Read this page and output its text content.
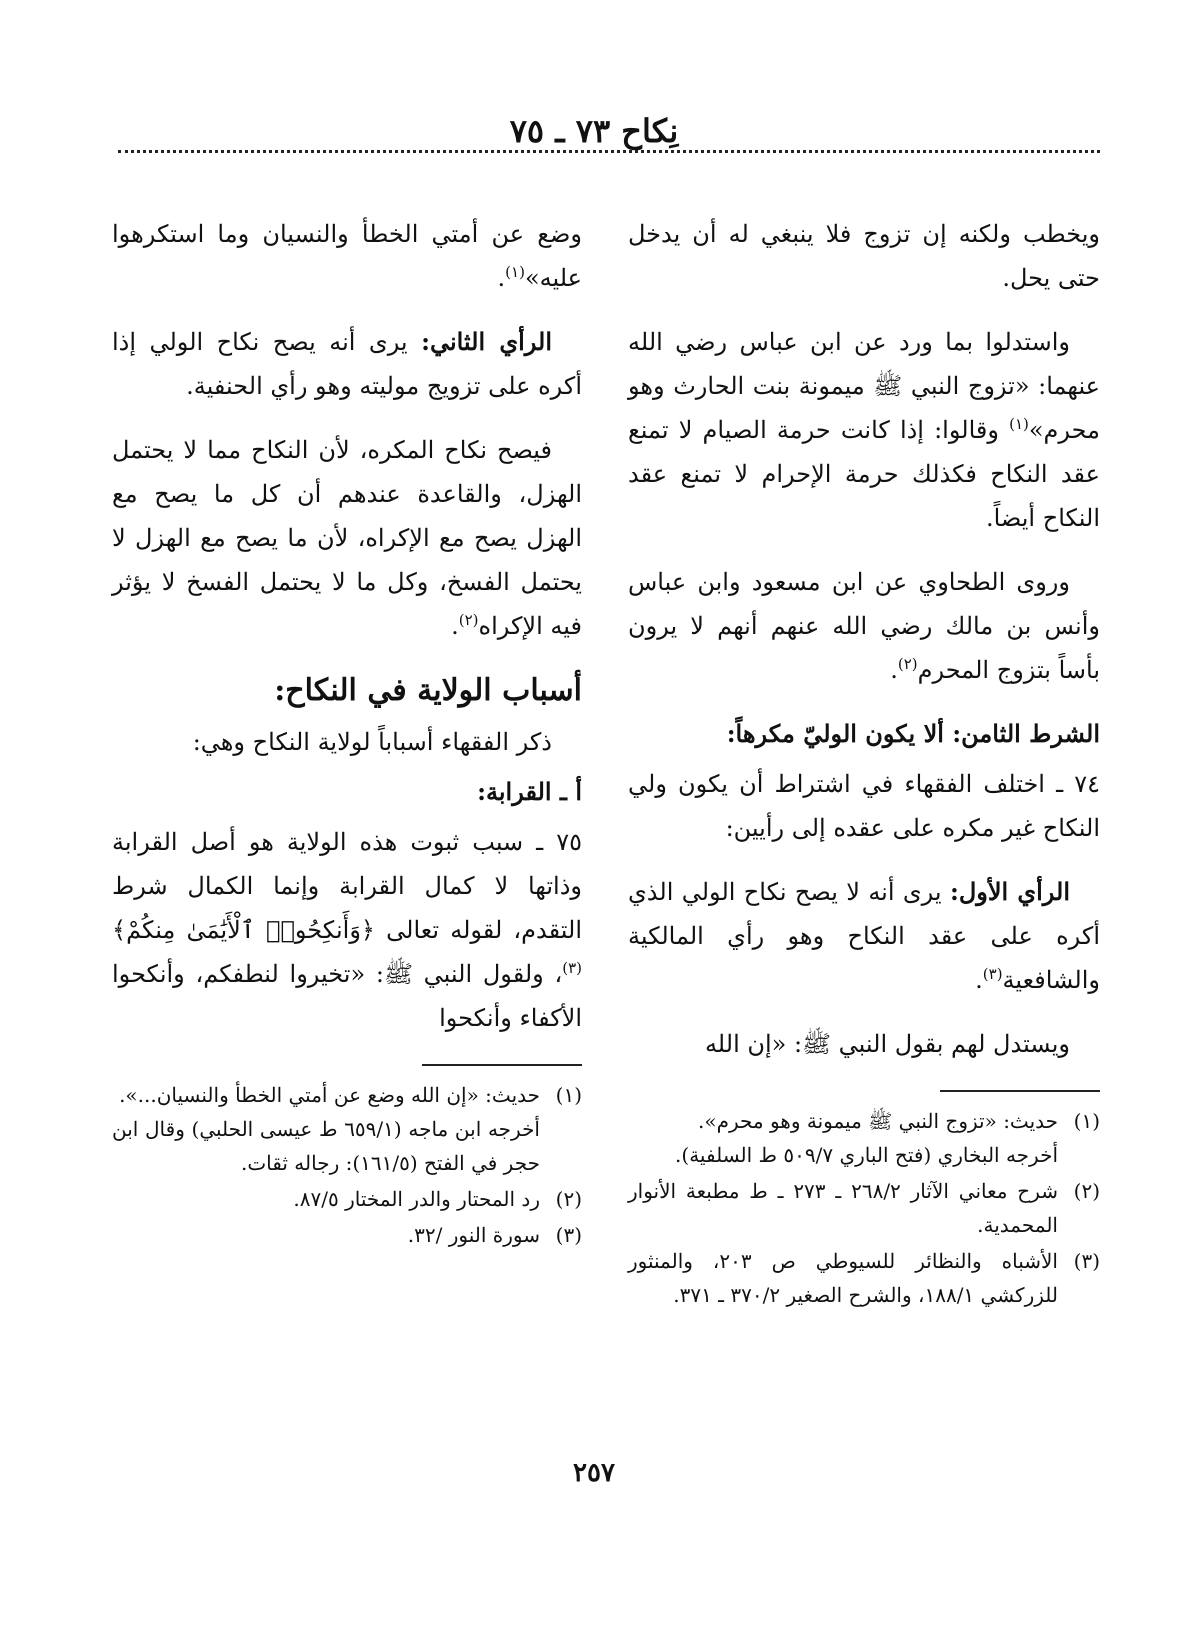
نِكاح ٧٣ ـ ٧٥

ويخطب ولكنه إن تزوج فلا ينبغي له أن يدخل حتى يحل.

واستدلوا بما ورد عن ابن عباس رضي الله عنهما: «تزوج النبي ﷺ ميمونة بنت الحارث وهو محرم»$^{(١)}$ وقالوا: إذا كانت حرمة الصيام لا تمنع عقد النكاح فكذلك حرمة الإحرام لا تمنع عقد النكاح أيضاً.

وروى الطحاوي عن ابن مسعود وابن عباس وأنس بن مالك رضي الله عنهم أنهم لا يرون بأساً بتزوج المحرم$^{(٢)}$.

الشرط الثامن: ألا يكون الوليّ مكرهاً:

٧٤ ـ اختلف الفقهاء في اشتراط أن يكون ولي النكاح غير مكره على عقده إلى رأيين:

الرأي الأول: يرى أنه لا يصح نكاح الولي الذي أكره على عقد النكاح وهو رأي المالكية والشافعية$^{(٣)}$.

ويستدل لهم بقول النبي ﷺ: «إن الله

(١)
حديث: «تزوج النبي ﷺ ميمونة وهو محرم».
أخرجه البخاري (فتح الباري ٥٠٩/٧ ط السلفية).
(٢)
شرح معاني الآثار ٢٦٨/٢ ـ ٢٧٣ ـ ط مطبعة الأنوار المحمدية.
(٣)
الأشباه والنظائر للسيوطي ص ٢٠٣، والمنثور للزركشي ١٨٨/١، والشرح الصغير ٣٧٠/٢ ـ ٣٧١.

وضع عن أمتي الخطأ والنسيان وما استكرهوا عليه»$^{(١)}$.

الرأي الثاني: يرى أنه يصح نكاح الولي إذا أكره على تزويج موليته وهو رأي الحنفية.

فيصح نكاح المكره، لأن النكاح مما لا يحتمل الهزل، والقاعدة عندهم أن كل ما يصح مع الهزل يصح مع الإكراه، لأن ما يصح مع الهزل لا يحتمل الفسخ، وكل ما لا يحتمل الفسخ لا يؤثر فيه الإكراه$^{(٢)}$.

أسباب الولاية في النكاح:

ذكر الفقهاء أسباباً لولاية النكاح وهي:

أ ـ القرابة:

٧٥ ـ سبب ثبوت هذه الولاية هو أصل القرابة وذاتها لا كمال القرابة وإنما الكمال شرط التقدم، لقوله تعالى ﴿وَأَنكِحُوا۟ ٱلْأَيَٰمَىٰ مِنكُمْ﴾$^{(٣)}$، ولقول النبي ﷺ: «تخيروا لنطفكم، وأنكحوا الأكفاء وأنكحوا

(١)
حديث: «إن الله وضع عن أمتي الخطأ والنسيان...».
أخرجه ابن ماجه (٦٥٩/١ ط عيسى الحلبي) وقال ابن حجر في الفتح (١٦١/٥): رجاله ثقات.
(٢)
رد المحتار والدر المختار ٨٧/٥.
(٣)
سورة النور /٣٢.
٢٥٧
